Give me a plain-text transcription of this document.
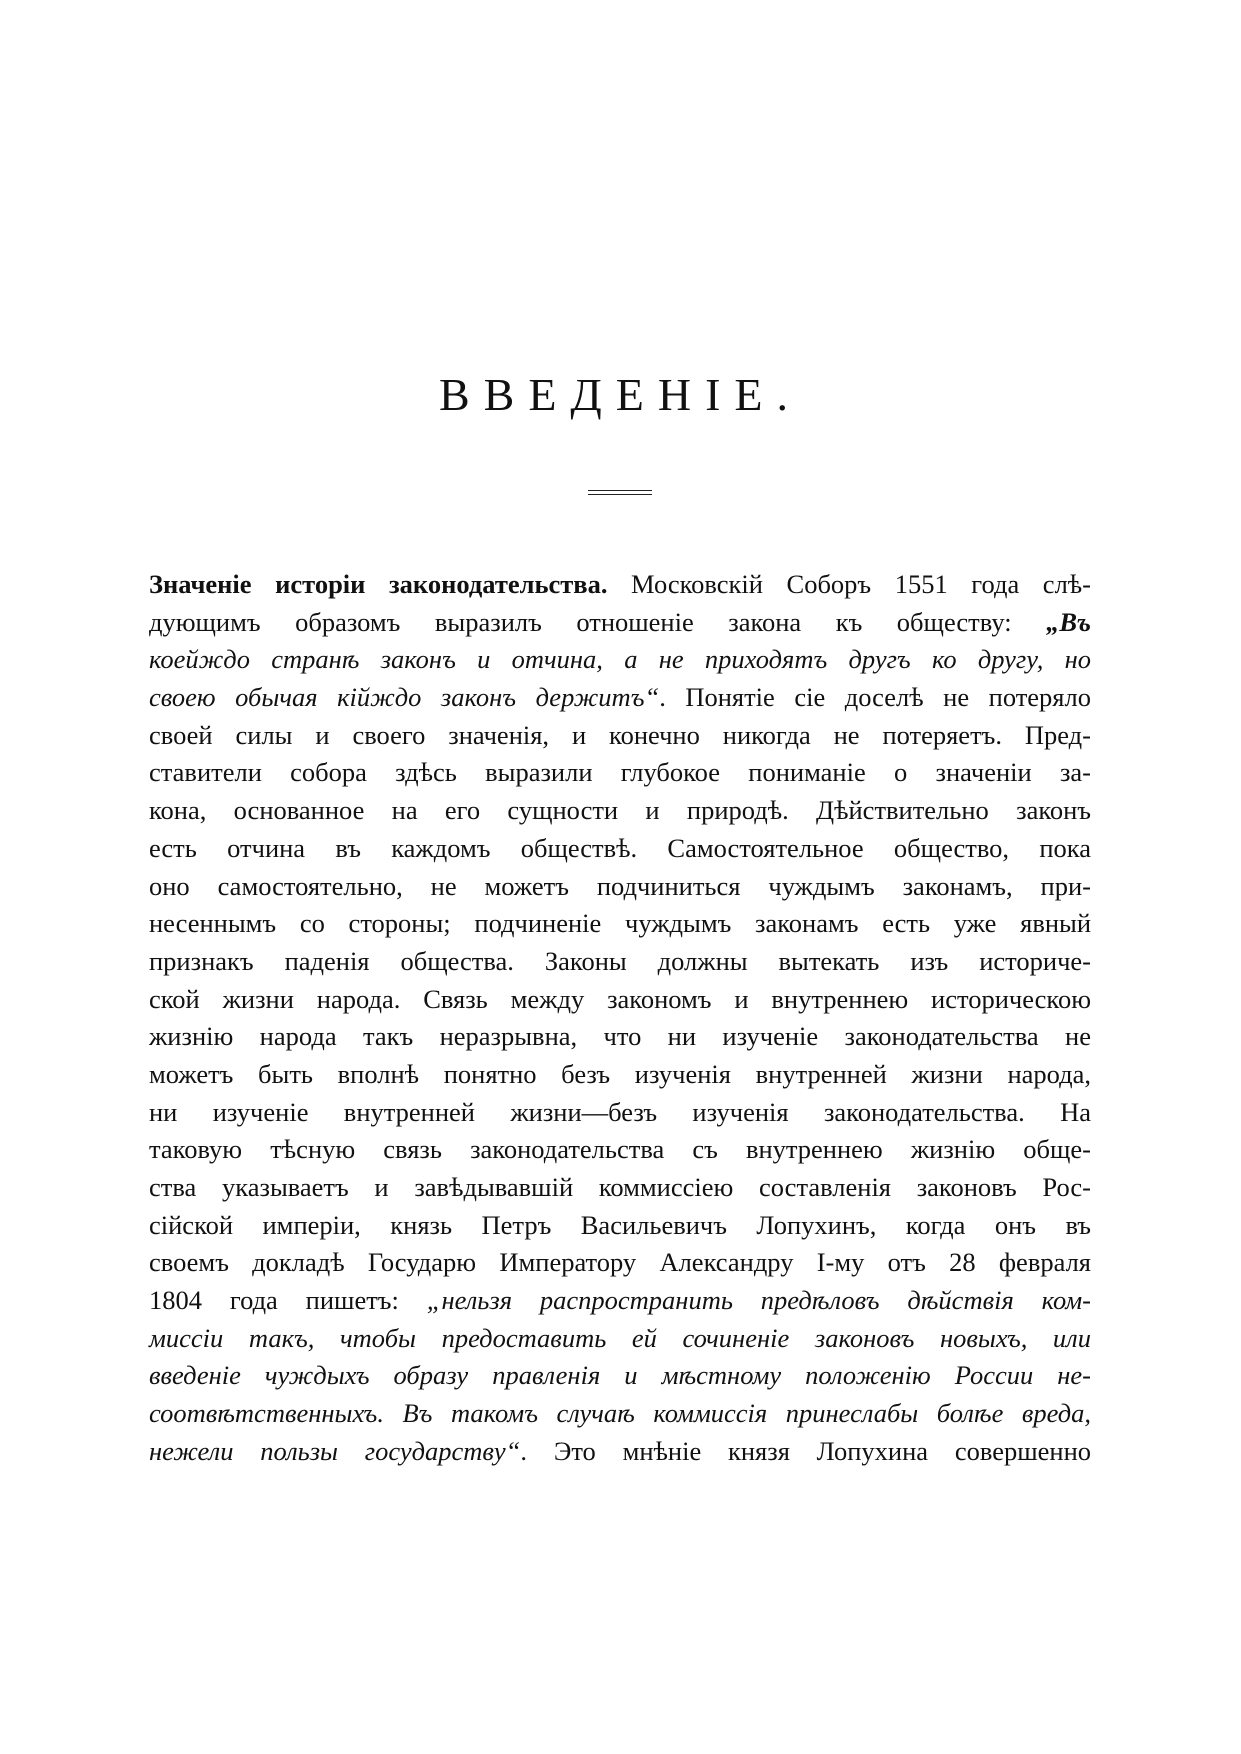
ВВЕДЕНIЕ.
Значенiе исторiи законодательства. Московскiй Соборъ 1551 года слѣ-
дующимъ образомъ выразилъ отношенiе закона къ обществу: „Въ
коейждо странѣ законъ и отчина, а не приходятъ другъ ко другу, но
своею обычая кiйждо законъ держитъ“. Понятiе сiе доселѣ не потеряло
своей силы и своего значенiя, и конечно никогда не потеряетъ. Пред-
ставители собора здѣсь выразили глубокое пониманiе о значенiи за-
кона, основанное на его сущности и природѣ. Дѣйствительно законъ
есть отчина въ каждомъ обществѣ. Самостоятельное общество, пока
оно самостоятельно, не можетъ подчиниться чуждымъ законамъ, при-
несеннымъ со стороны; подчиненiе чуждымъ законамъ есть уже явный
признакъ паденiя общества. Законы должны вытекать изъ историче-
ской жизни народа. Связь между закономъ и внутреннею историческою
жизнiю народа такъ неразрывна, что ни изученiе законодательства не
можетъ быть вполнѣ понятно безъ изученiя внутренней жизни народа,
ни изученiе внутренней жизни—безъ изученiя законодательства. На
таковую тѣсную связь законодательства съ внутреннею жизнiю обще-
ства указываетъ и завѣдывавшiй коммиссiею составленiя законовъ Рос-
сiйской имперiи, князь Петръ Васильевичъ Лопухинъ, когда онъ въ
своемъ докладѣ Государю Императору Александру I-му отъ 28 февраля
1804 года пишетъ: „нельзя распространить предѣловъ дѣйствiя ком-
миссiи такъ, чтобы предоставить ей сочиненiе законовъ новыхъ, или
введенiе чуждыхъ образу правленiя и мѣстному положенiю России не-
соотвѣтственныхъ. Въ такомъ случаѣ коммиссiя принеслабы болѣе вреда,
нежели пользы государству“. Это мнѣнiе князя Лопухина совершенно
